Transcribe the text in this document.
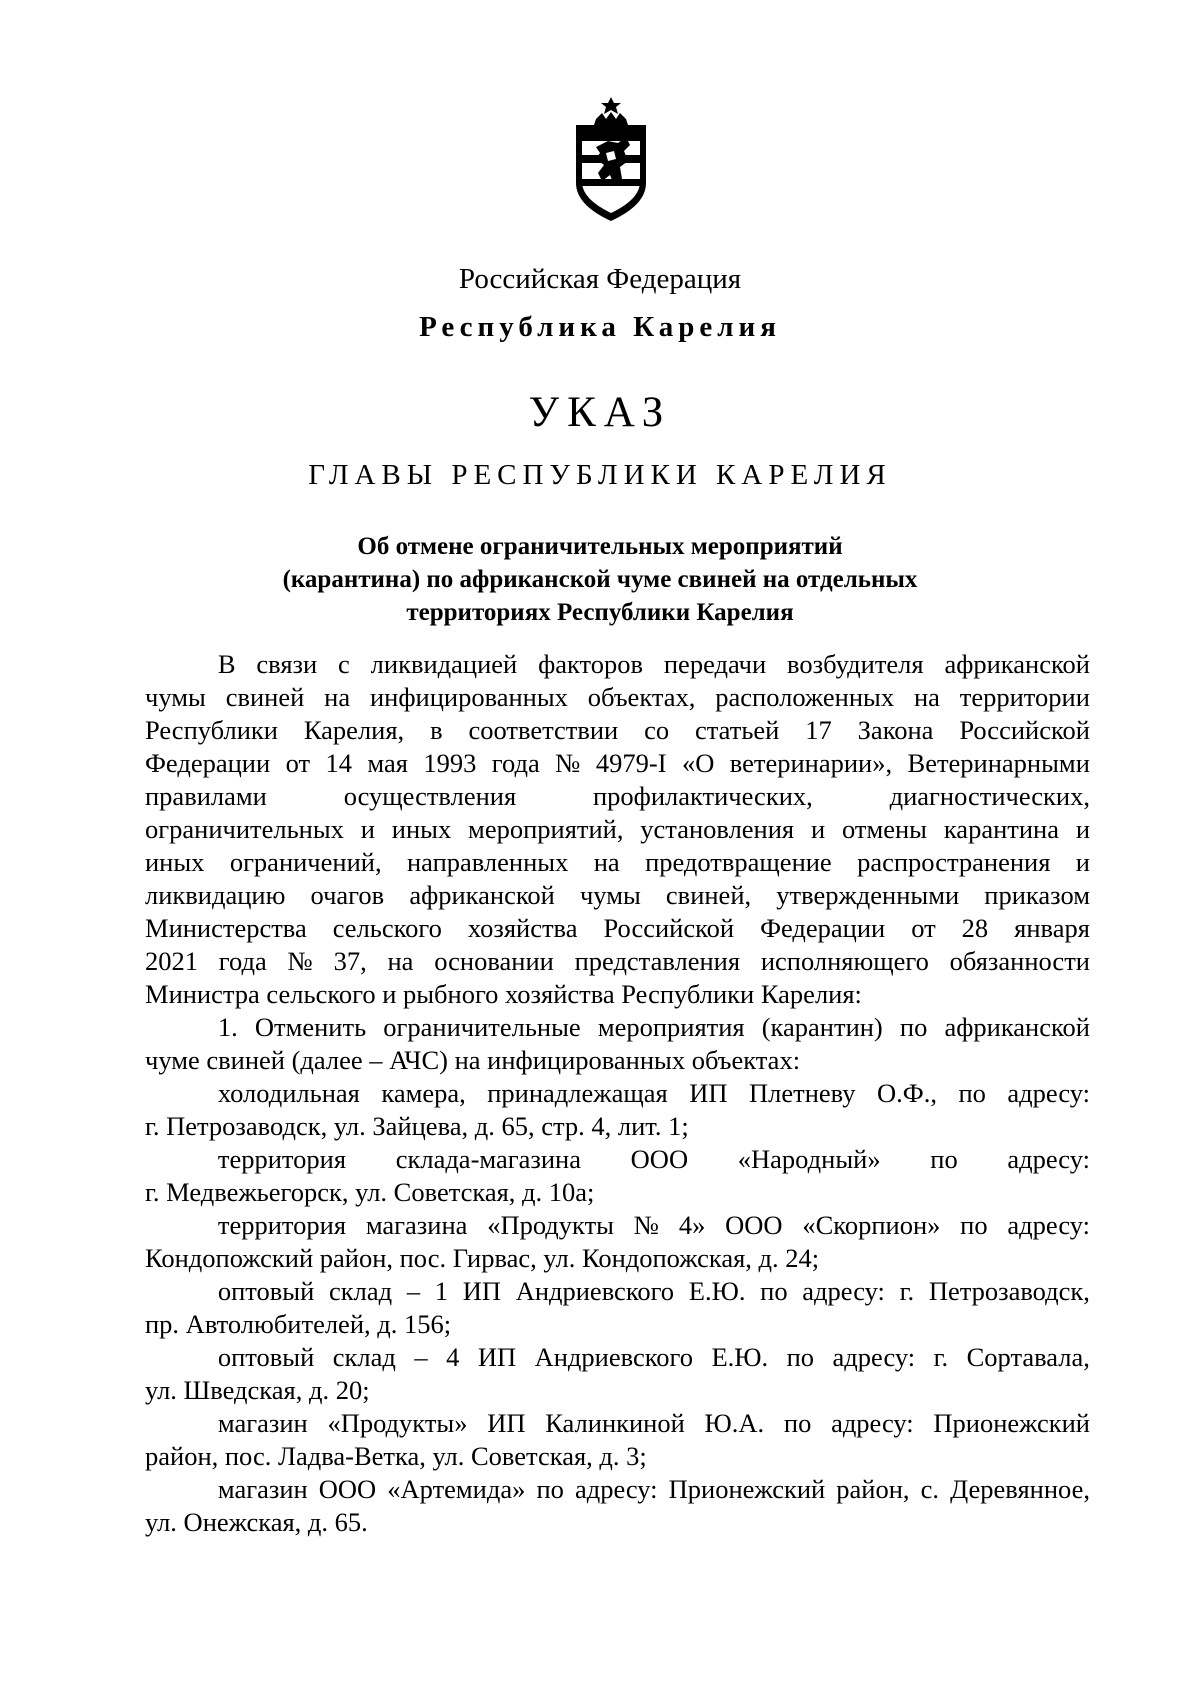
Российская Федерация
Республика Карелия
УКАЗ
ГЛАВЫ РЕСПУБЛИКИ КАРЕЛИЯ
Об отмене ограничительных мероприятий
(карантина) по африканской чуме свиней на отдельных
территориях Республики Карелия
В связи с ликвидацией факторов передачи возбудителя африканской
чумы свиней на инфицированных объектах, расположенных на территории
Республики Карелия, в соответствии со статьей 17 Закона Российской
Федерации от 14 мая 1993 года № 4979-I «О ветеринарии», Ветеринарными
правилами	осуществления	профилактических,	диагностических,
ограничительных и иных мероприятий, установления и отмены карантина и
иных ограничений, направленных на предотвращение распространения и
ликвидацию очагов африканской чумы свиней, утвержденными приказом
Министерства сельского хозяйства Российской Федерации от 28 января
2021 года № 37, на основании представления исполняющего обязанности
Министра сельского и рыбного хозяйства Республики Карелия:
1. Отменить ограничительные мероприятия (карантин) по африканской
чуме свиней (далее – АЧС) на инфицированных объектах:
холодильная камера, принадлежащая ИП Плетневу О.Ф., по адресу:
г. Петрозаводск, ул. Зайцева, д. 65, стр. 4, лит. 1;
территория склада-магазина ООО «Народный» по адресу:
г. Медвежьегорск, ул. Советская, д. 10а;
территория магазина «Продукты № 4» ООО «Скорпион» по адресу:
Кондопожский район, пос. Гирвас, ул. Кондопожская, д. 24;
оптовый склад – 1 ИП Андриевского Е.Ю. по адресу: г. Петрозаводск,
пр. Автолюбителей, д. 156;
оптовый склад – 4 ИП Андриевского Е.Ю. по адресу: г. Сортавала,
ул. Шведская, д. 20;
магазин «Продукты» ИП Калинкиной Ю.А. по адресу: Прионежский
район, пос. Ладва-Ветка, ул. Советская, д. 3;
магазин ООО «Артемида» по адресу: Прионежский район, с. Деревянное,
ул. Онежская, д. 65.
